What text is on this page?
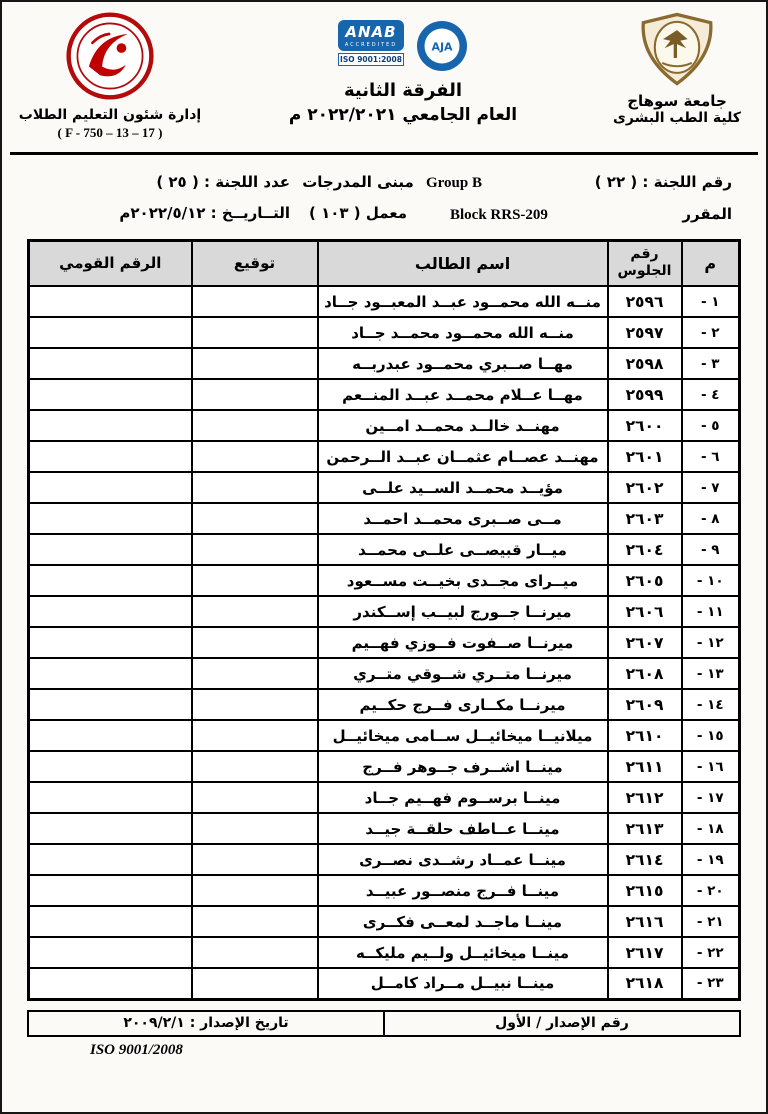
جامعة سوهاج
كلية الطب البشرى
ANAB
ACCREDITED
ISO 9001:2008
AJA
الفرقة الثانية
العام الجامعي ٢٠٢٢/٢٠٢١ م
إدارة شئون التعليم الطلاب
( F - 750 – 13 – 17 )
رقم اللجنة : ( ٢٢ )
Group B
المقرر
Block RRS-209
مبنى المدرجات
معمل ( ١٠٣ )
عدد اللجنة : ( ٢٥ )
التــاريــخ : ٢٠٢٢/٥/١٢م
م	رقم الجلوس	اسم الطالب	توقيع	الرقم القومي
١ -	٢٥٩٦	منــه الله محمــود عبــد المعبــود جــاد		
٢ -	٢٥٩٧	منــه الله محمــود محمــد جــاد		
٣ -	٢٥٩٨	مهــا صــبري محمــود عبدربــه		
٤ -	٢٥٩٩	مهــا عــلام محمــد عبــد المنــعم		
٥ -	٢٦٠٠	مهنــد خالــد محمــد امــين		
٦ -	٢٦٠١	مهنــد عصــام عثمــان عبــد الــرحمن		
٧ -	٢٦٠٢	مؤيــد محمــد الســيد علــى		
٨ -	٢٦٠٣	مــى صــبرى محمــد احمــد		
٩ -	٢٦٠٤	ميــار قبيصــى علــى محمــد		
١٠ -	٢٦٠٥	ميــراى مجــدى بخيــت مســعود		
١١ -	٢٦٠٦	ميرنــا جــورج لبيــب إســكندر		
١٢ -	٢٦٠٧	ميرنــا صــفوت فــوزي فهــيم		
١٣ -	٢٦٠٨	ميرنــا متــري شــوقي متــري		
١٤ -	٢٦٠٩	ميرنــا مكــارى فــرج حكــيم		
١٥ -	٢٦١٠	ميلانيــا ميخائيــل ســامى ميخائيــل		
١٦ -	٢٦١١	مينــا اشــرف جــوهر فــرج		
١٧ -	٢٦١٢	مينــا برســوم فهــيم جــاد		
١٨ -	٢٦١٣	مينــا عــاطف حلقــة جيــد		
١٩ -	٢٦١٤	مينــا عمــاد رشــدى نصــرى		
٢٠ -	٢٦١٥	مينــا فــرج منصــور عبيــد		
٢١ -	٢٦١٦	مينــا ماجــد لمعــى فكــرى		
٢٢ -	٢٦١٧	مينــا ميخائيــل ولــيم مليكــه		
٢٣ -	٢٦١٨	مينــا نبيــل مــراد كامــل		
رقم الإصدار / الأول
تاريخ الإصدار : ٢٠٠٩/٢/١
ISO 9001/2008
